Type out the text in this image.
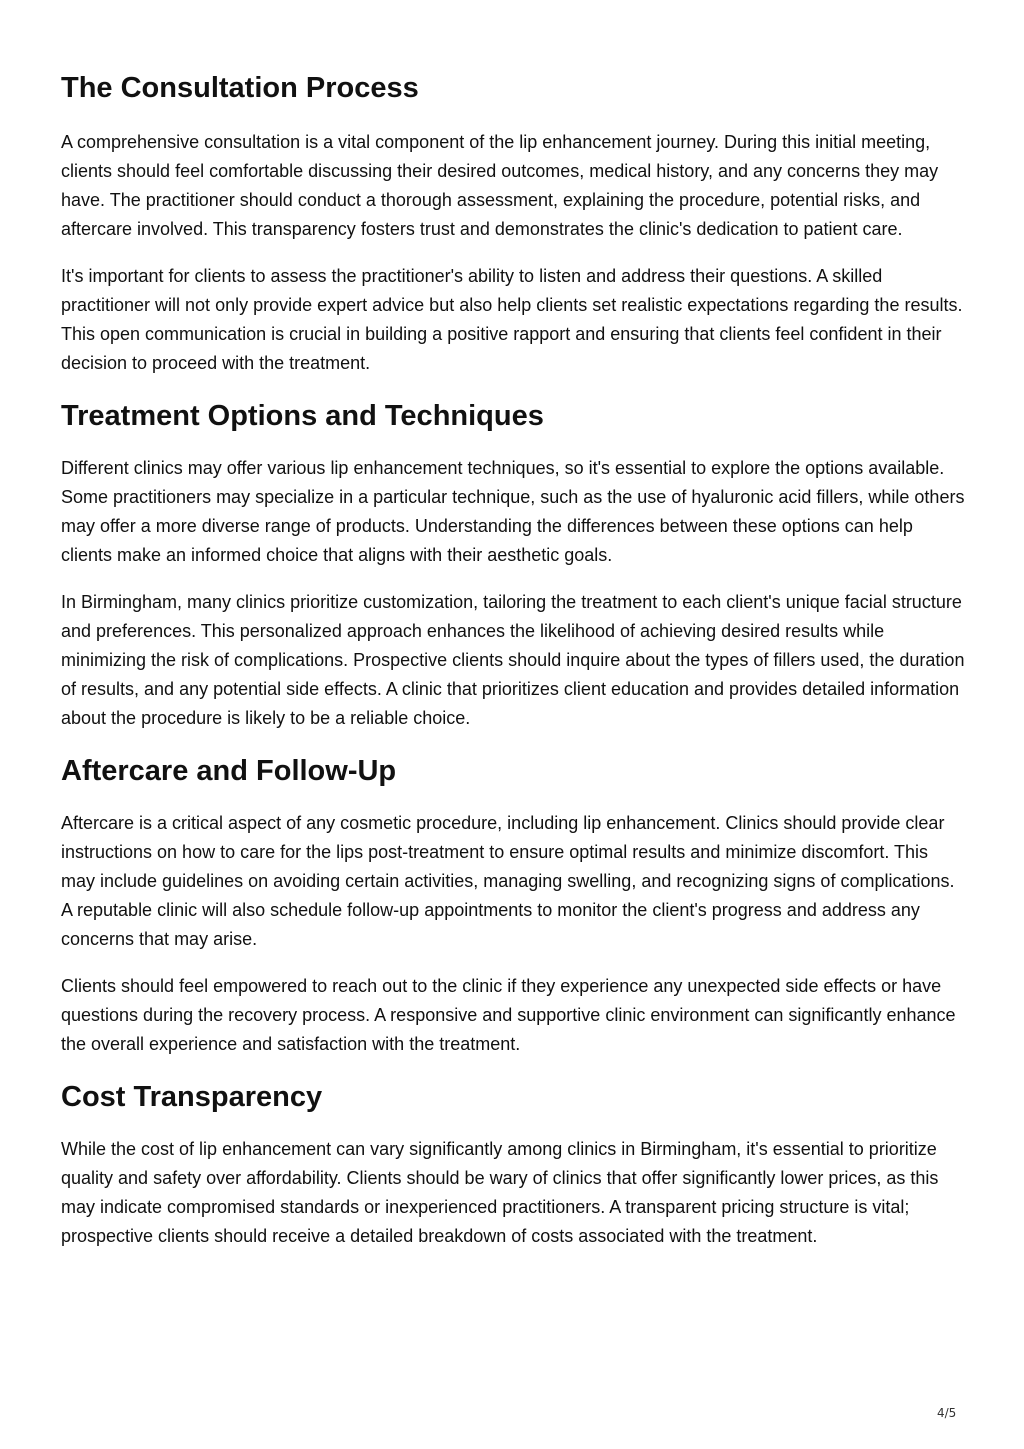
The Consultation Process

A comprehensive consultation is a vital component of the lip enhancement journey. During this initial meeting, clients should feel comfortable discussing their desired outcomes, medical history, and any concerns they may have. The practitioner should conduct a thorough assessment, explaining the procedure, potential risks, and aftercare involved. This transparency fosters trust and demonstrates the clinic's dedication to patient care.

It's important for clients to assess the practitioner's ability to listen and address their questions. A skilled practitioner will not only provide expert advice but also help clients set realistic expectations regarding the results. This open communication is crucial in building a positive rapport and ensuring that clients feel confident in their decision to proceed with the treatment.

Treatment Options and Techniques

Different clinics may offer various lip enhancement techniques, so it's essential to explore the options available. Some practitioners may specialize in a particular technique, such as the use of hyaluronic acid fillers, while others may offer a more diverse range of products. Understanding the differences between these options can help clients make an informed choice that aligns with their aesthetic goals.

In Birmingham, many clinics prioritize customization, tailoring the treatment to each client's unique facial structure and preferences. This personalized approach enhances the likelihood of achieving desired results while minimizing the risk of complications. Prospective clients should inquire about the types of fillers used, the duration of results, and any potential side effects. A clinic that prioritizes client education and provides detailed information about the procedure is likely to be a reliable choice.

Aftercare and Follow-Up

Aftercare is a critical aspect of any cosmetic procedure, including lip enhancement. Clinics should provide clear instructions on how to care for the lips post-treatment to ensure optimal results and minimize discomfort. This may include guidelines on avoiding certain activities, managing swelling, and recognizing signs of complications. A reputable clinic will also schedule follow-up appointments to monitor the client's progress and address any concerns that may arise.

Clients should feel empowered to reach out to the clinic if they experience any unexpected side effects or have questions during the recovery process. A responsive and supportive clinic environment can significantly enhance the overall experience and satisfaction with the treatment.

Cost Transparency

While the cost of lip enhancement can vary significantly among clinics in Birmingham, it's essential to prioritize quality and safety over affordability. Clients should be wary of clinics that offer significantly lower prices, as this may indicate compromised standards or inexperienced practitioners. A transparent pricing structure is vital; prospective clients should receive a detailed breakdown of costs associated with the treatment.

4/5
